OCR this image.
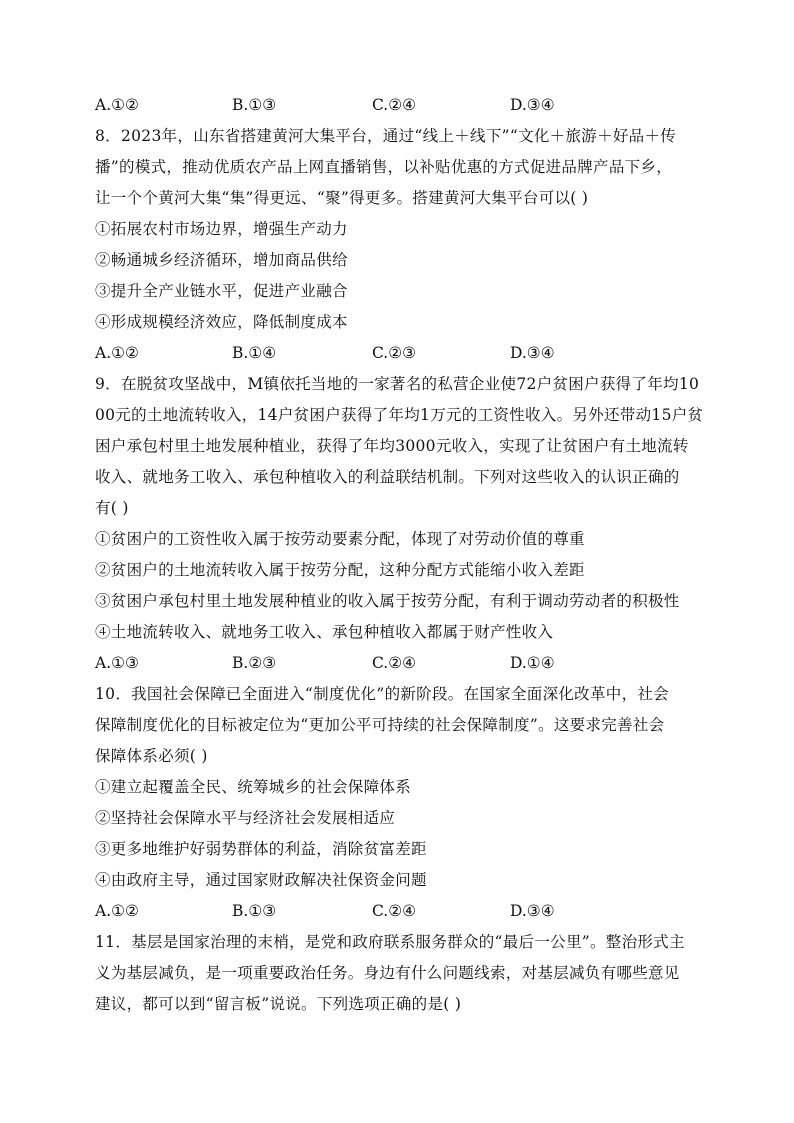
A.①②	B.①③	C.②④	D.③④
8．2023年，山东省搭建黄河大集平台，通过“线上＋线下”“文化＋旅游＋好品＋传
播”的模式，推动优质农产品上网直播销售，以补贴优惠的方式促进品牌产品下乡，
让一个个黄河大集“集”得更远、“聚”得更多。搭建黄河大集平台可以( )
①拓展农村市场边界，增强生产动力
②畅通城乡经济循环，增加商品供给
③提升全产业链水平，促进产业融合
④形成规模经济效应，降低制度成本
A.①②	B.①④	C.②③	D.③④
9．在脱贫攻坚战中，M镇依托当地的一家著名的私营企业使72户贫困户获得了年均10
00元的土地流转收入，14户贫困户获得了年均1万元的工资性收入。另外还带动15户贫
困户承包村里土地发展种植业，获得了年均3000元收入，实现了让贫困户有土地流转
收入、就地务工收入、承包种植收入的利益联结机制。下列对这些收入的认识正确的
有( )
①贫困户的工资性收入属于按劳动要素分配，体现了对劳动价值的尊重
②贫困户的土地流转收入属于按劳分配，这种分配方式能缩小收入差距
③贫困户承包村里土地发展种植业的收入属于按劳分配，有利于调动劳动者的积极性
④土地流转收入、就地务工收入、承包种植收入都属于财产性收入
A.①③	B.②③	C.②④	D.①④
10．我国社会保障已全面进入“制度优化”的新阶段。在国家全面深化改革中，社会
保障制度优化的目标被定位为“更加公平可持续的社会保障制度”。这要求完善社会
保障体系必须( )
①建立起覆盖全民、统筹城乡的社会保障体系
②坚持社会保障水平与经济社会发展相适应
③更多地维护好弱势群体的利益，消除贫富差距
④由政府主导，通过国家财政解决社保资金问题
A.①②	B.①③	C.②④	D.③④
11．基层是国家治理的末梢，是党和政府联系服务群众的“最后一公里”。整治形式主
义为基层减负，是一项重要政治任务。身边有什么问题线索，对基层减负有哪些意见
建议，都可以到“留言板”说说。下列选项正确的是( )
